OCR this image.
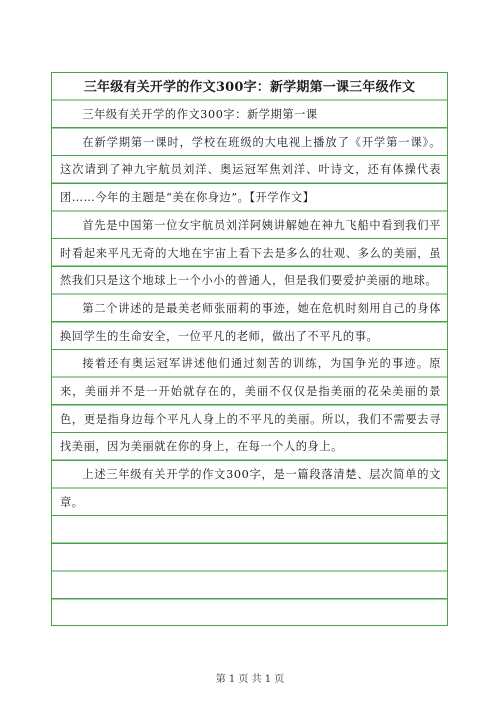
三年级有关开学的作文300字：新学期第一课三年级作文

三年级有关开学的作文300字：新学期第一课

在新学期第一课时，学校在班级的大电视上播放了《开学第一课》。这次请到了神九宇航员刘洋、奥运冠军焦刘洋、叶诗文，还有体操代表团……今年的主题是“美在你身边”。【开学作文】

首先是中国第一位女宇航员刘洋阿姨讲解她在神九飞船中看到我们平时看起来平凡无奇的大地在宇宙上看下去是多么的壮观、多么的美丽，虽然我们只是这个地球上一个小小的普通人，但是我们要爱护美丽的地球。

第二个讲述的是最美老师张丽莉的事迹，她在危机时刻用自己的身体换回学生的生命安全，一位平凡的老师，做出了不平凡的事。

接着还有奥运冠军讲述他们通过刻苦的训练，为国争光的事迹。原来，美丽并不是一开始就存在的，美丽不仅仅是指美丽的花朵美丽的景色，更是指身边每个平凡人身上的不平凡的美丽。所以，我们不需要去寻找美丽，因为美丽就在你的身上，在每一个人的身上。

上述三年级有关开学的作文300字，是一篇段落清楚、层次简单的文章。

第 1 页 共 1 页
